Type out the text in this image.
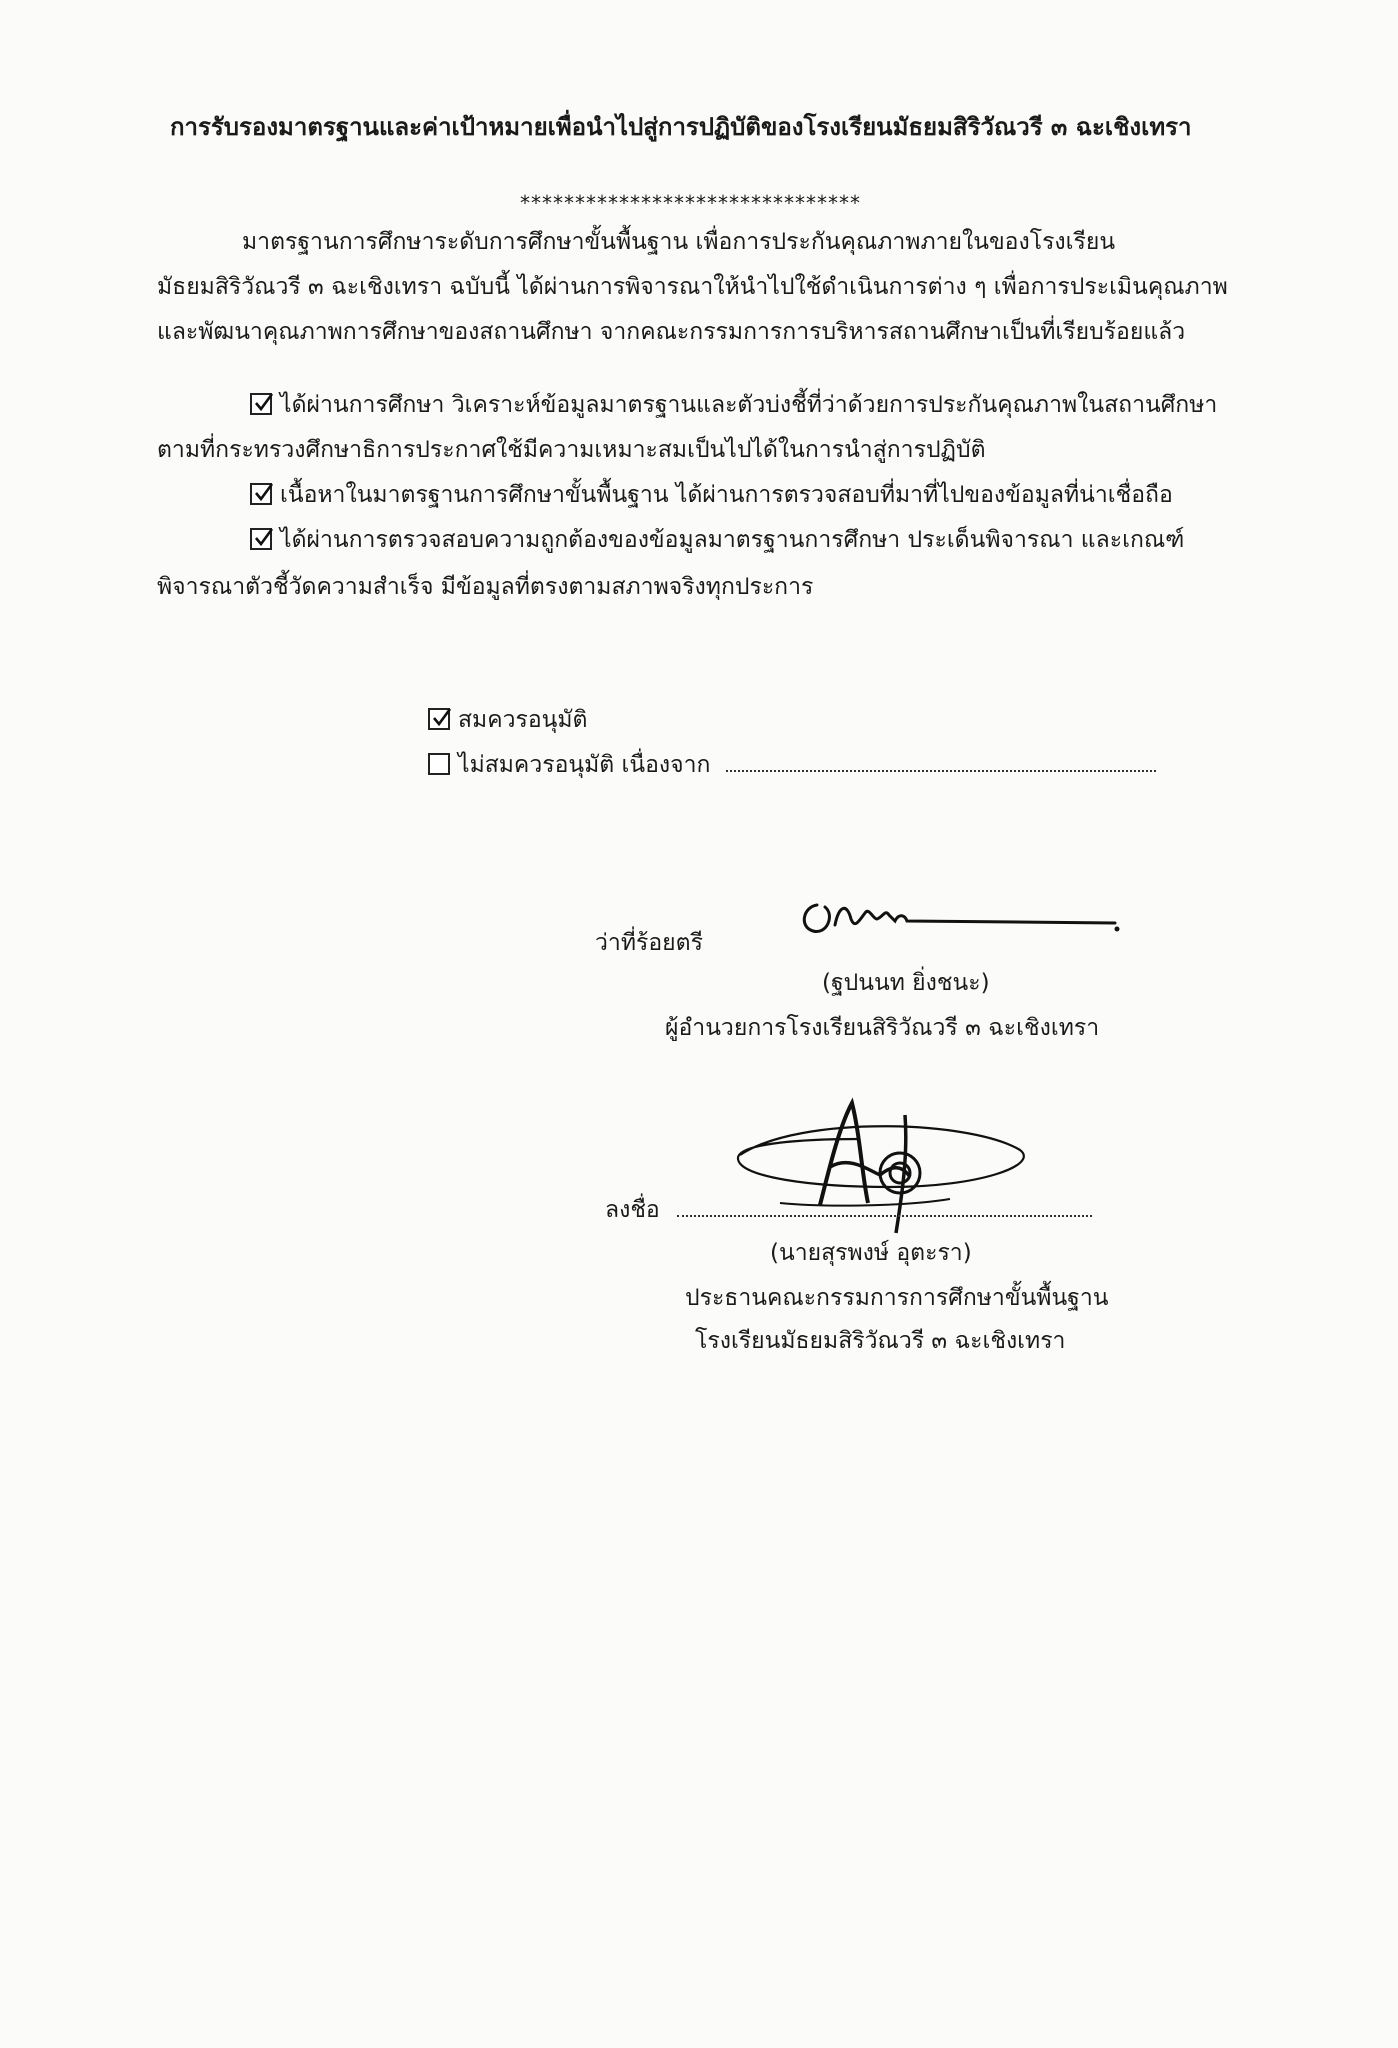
การรับรองมาตรฐานและค่าเป้าหมายเพื่อนำไปสู่การปฏิบัติของโรงเรียนมัธยมสิริวัณวรี ๓ ฉะเชิงเทรา
*******************************
มาตรฐานการศึกษาระดับการศึกษาขั้นพื้นฐาน เพื่อการประกันคุณภาพภายในของโรงเรียน
มัธยมสิริวัณวรี ๓ ฉะเชิงเทรา ฉบับนี้ ได้ผ่านการพิจารณาให้นำไปใช้ดำเนินการต่าง ๆ เพื่อการประเมินคุณภาพ
และพัฒนาคุณภาพการศึกษาของสถานศึกษา จากคณะกรรมการการบริหารสถานศึกษาเป็นที่เรียบร้อยแล้ว
ได้ผ่านการศึกษา วิเคราะห์ข้อมูลมาตรฐานและตัวบ่งชี้ที่ว่าด้วยการประกันคุณภาพในสถานศึกษา
ตามที่กระทรวงศึกษาธิการประกาศใช้มีความเหมาะสมเป็นไปได้ในการนำสู่การปฏิบัติ
เนื้อหาในมาตรฐานการศึกษาขั้นพื้นฐาน ได้ผ่านการตรวจสอบที่มาที่ไปของข้อมูลที่น่าเชื่อถือ
ได้ผ่านการตรวจสอบความถูกต้องของข้อมูลมาตรฐานการศึกษา ประเด็นพิจารณา และเกณฑ์
พิจารณาตัวชี้วัดความสำเร็จ มีข้อมูลที่ตรงตามสภาพจริงทุกประการ
สมควรอนุมัติ
ไม่สมควรอนุมัติ เนื่องจาก
ว่าที่ร้อยตรี
(ฐปนนท ยิ่งชนะ)
ผู้อำนวยการโรงเรียนสิริวัณวรี ๓ ฉะเชิงเทรา
ลงชื่อ
(นายสุรพงษ์ อุตะรา)
ประธานคณะกรรมการการศึกษาขั้นพื้นฐาน
โรงเรียนมัธยมสิริวัณวรี ๓ ฉะเชิงเทรา
